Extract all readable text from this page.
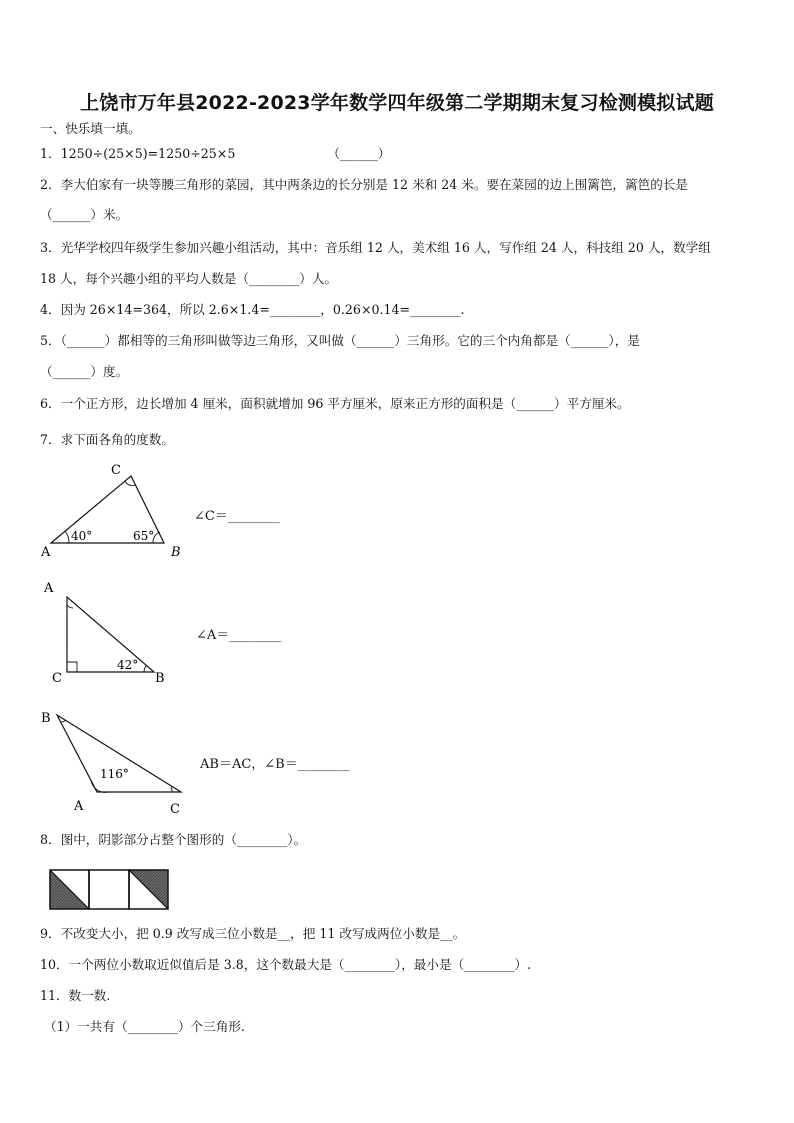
上饶市万年县2022-2023学年数学四年级第二学期期末复习检测模拟试题
一、快乐填一填。
1．1250÷(25×5)=1250÷25×5	（______）
2．李大伯家有一块等腰三角形的菜园，其中两条边的长分别是 12 米和 24 米。要在菜园的边上围篱笆，篱笆的长是
（______）米。
3．光华学校四年级学生参加兴趣小组活动，其中：音乐组 12 人，美术组 16 人，写作组 24 人，科技组 20 人，数学组
18 人，每个兴趣小组的平均人数是（________）人。
4．因为 26×14=364，所以 2.6×1.4=________，0.26×0.14=________.
5．（______）都相等的三角形叫做等边三角形，又叫做（______）三角形。它的三个内角都是（______），是
（______）度。
6．一个正方形，边长增加 4 厘米，面积就增加 96 平方厘米，原来正方形的面积是（______）平方厘米。
7．求下面各角的度数。
C
A	B
40°	65°
∠C＝________
A
C	B
42°
∠A＝________
B
A	C
116°
AB＝AC，∠B＝________
8．图中，阴影部分占整个图形的（________）。
9．不改变大小，把 0.9 改写成三位小数是__，把 11 改写成两位小数是__。
10．一个两位小数取近似值后是 3.8，这个数最大是（________），最小是（________）.
11．数一数.
（1）一共有（________）个三角形.
